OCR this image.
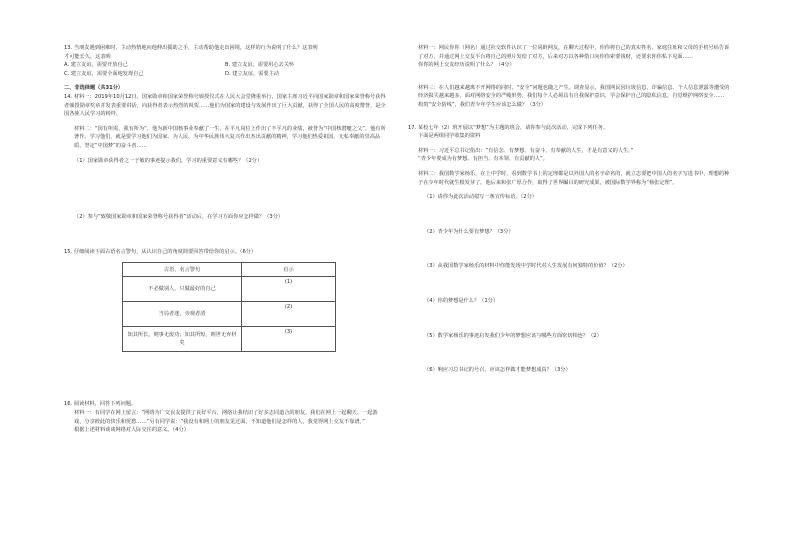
13. 当朋友遇到困难时，主动热情地向他伸出援助之手，主动帮助他走出困境，这样的行为说明了什么？这表明

才可能长久，这表明

A. 建立友谊，需要开放自己	B. 建立友谊，需要用心去关怀
C. 建立友谊，需要全面地发现自己	D. 建立友谊，需要主动

二、非选择题（共31分）

14. 材料一：2019年10月12日，国家勋章和国家荣誉称号颁授仪式在人民大会堂隆重举行，国家主席习近平向国家勋章和国家荣誉称号获得者颁授勋章奖章并发表重要讲话，向获得者表示热烈的祝贺……他们为国家的建设与发展作出了巨大贡献，获得了全国人民的高度赞誉，是全国各族人民学习的榜样。

材料二：“国有所需，我有所为”，他为新中国核事业奉献了一生，在平凡岗位上作出了不平凡的业绩，被誉为“中国核潜艇之父”。他有所著作。学习他们，就是要学习他们为国家、为人民、为中华民族伟大复兴作出杰出贡献的精神，学习他们热爱祖国、无私奉献的崇高品质，坚定“中国梦”的奋斗者……

（1）国家勋章获得者之一于敏的事迹提示我们，学习的重要意义有哪些？（2分）

（2）参与“致敬国家勋章和国家荣誉称号获得者”活动后，在学习方面你应怎样做？（3分）

15. 仔细阅读下面古语名言警句，从认识自己的角度简要回答带给你的启示。（6分）

古语、名言警句	启示
不必做别人，只做最好的自己	(1)
当局者迷，旁观者清	(2)
知其所长，则事无废功；知其所短，则世无弃材矣	(3)

16. 阅读材料，回答下列问题。

材料一：有同学在网上留言：“网络为广交良友提供了良好平台，网络让我结识了好多志同道合的朋友。我们在网上一起聊天、一起游戏，分享彼此的快乐和忧愁……”另有同学说：“我没有和网上的朋友见过面，不知道他们是怎样的人，我觉得网上交友不靠谱。”

根据上述材料谈谈网络对人际交往的意义。（4分）

材料一：网民你你（网名）通过社交软件认识了一位同龄网友，在聊天过程中，你你将自己的真实姓名、家庭住址和父母的手机号码告诉了对方，并通过网上交友平台将自己的照片发给了对方，后来对方以各种借口向你你索要钱财，还要求你你私下见面……

你你的网上交友经历说明了什么？（4分）

材料三：在人们越来越离不开网络的同时，“安全”问题也随之产生。调查显示，我国网民因垃圾信息、诈骗信息、个人信息泄露等遭受的经济损失越来越多。面对网络安全的严峻形势，我们每个人必须具有自我保护意识，学会保护自己的隐私信息，自觉维护网络安全……

构筑“安全防线”，我们青少年学生应该怎么做？（3分）

17. 某校七年（2）班开展以“梦想”为主题的班会，请你参与此次活动，完成下列任务。

下面是两组同学收集的资料

材料一：习近平总书记指出：“有信念、有梦想、有奋斗、有奉献的人生，才是有意义的人生。”

“青少年要成为有梦想、有担当、有本领、有贡献的人”。

材料二：我国数学家杨乐，在上中学时，看到数学书上的定理都是以外国人的名字命名的，就立志要把中国人的名字写进书中，理想的种子在少年时代就生根发芽了。他后来和张广厚合作，取得了世界瞩目的研究成果，被国际数学界称为“杨张定理”。

（1）请你为此次活动拟写一条宣传标语。（2分）

（2）青少年为什么要有梦想？（3分）

（3）从我国数学家杨乐的材料中你能发现中学时代对人生发展有何独特的价值？（2分）

（4）你的梦想是什么？（1分）

（5）数学家杨乐的事迹启发我们少年的梦想应该与哪些方面密切相连？（2）

（6）响应习总书记的号召，应该怎样做才能梦想成真？（3分）
